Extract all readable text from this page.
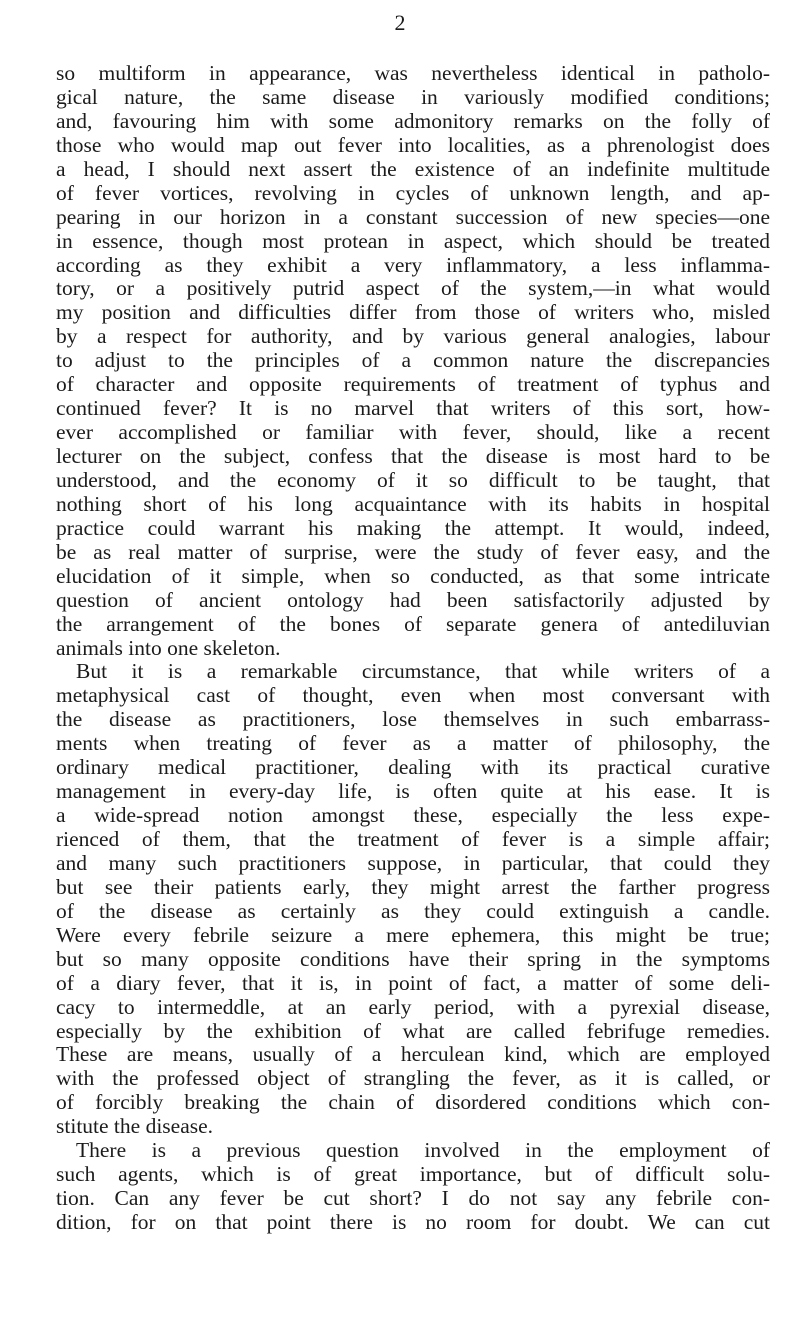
2
so multiform in appearance, was nevertheless identical in patholo-
gical nature, the same disease in variously modified conditions;
and, favouring him with some admonitory remarks on the folly of
those who would map out fever into localities, as a phrenologist does
a head, I should next assert the existence of an indefinite multitude
of fever vortices, revolving in cycles of unknown length, and ap-
pearing in our horizon in a constant succession of new species—one
in essence, though most protean in aspect, which should be treated
according as they exhibit a very inflammatory, a less inflamma-
tory, or a positively putrid aspect of the system,—in what would
my position and difficulties differ from those of writers who, misled
by a respect for authority, and by various general analogies, labour
to adjust to the principles of a common nature the discrepancies
of character and opposite requirements of treatment of typhus and
continued fever? It is no marvel that writers of this sort, how-
ever accomplished or familiar with fever, should, like a recent
lecturer on the subject, confess that the disease is most hard to be
understood, and the economy of it so difficult to be taught, that
nothing short of his long acquaintance with its habits in hospital
practice could warrant his making the attempt. It would, indeed,
be as real matter of surprise, were the study of fever easy, and the
elucidation of it simple, when so conducted, as that some intricate
question of ancient ontology had been satisfactorily adjusted by
the arrangement of the bones of separate genera of antediluvian
animals into one skeleton.
But it is a remarkable circumstance, that while writers of a
metaphysical cast of thought, even when most conversant with
the disease as practitioners, lose themselves in such embarrass-
ments when treating of fever as a matter of philosophy, the
ordinary medical practitioner, dealing with its practical curative
management in every-day life, is often quite at his ease. It is
a wide-spread notion amongst these, especially the less expe-
rienced of them, that the treatment of fever is a simple affair;
and many such practitioners suppose, in particular, that could they
but see their patients early, they might arrest the farther progress
of the disease as certainly as they could extinguish a candle.
Were every febrile seizure a mere ephemera, this might be true;
but so many opposite conditions have their spring in the symptoms
of a diary fever, that it is, in point of fact, a matter of some deli-
cacy to intermeddle, at an early period, with a pyrexial disease,
especially by the exhibition of what are called febrifuge remedies.
These are means, usually of a herculean kind, which are employed
with the professed object of strangling the fever, as it is called, or
of forcibly breaking the chain of disordered conditions which con-
stitute the disease.
There is a previous question involved in the employment of
such agents, which is of great importance, but of difficult solu-
tion. Can any fever be cut short? I do not say any febrile con-
dition, for on that point there is no room for doubt. We can cut
